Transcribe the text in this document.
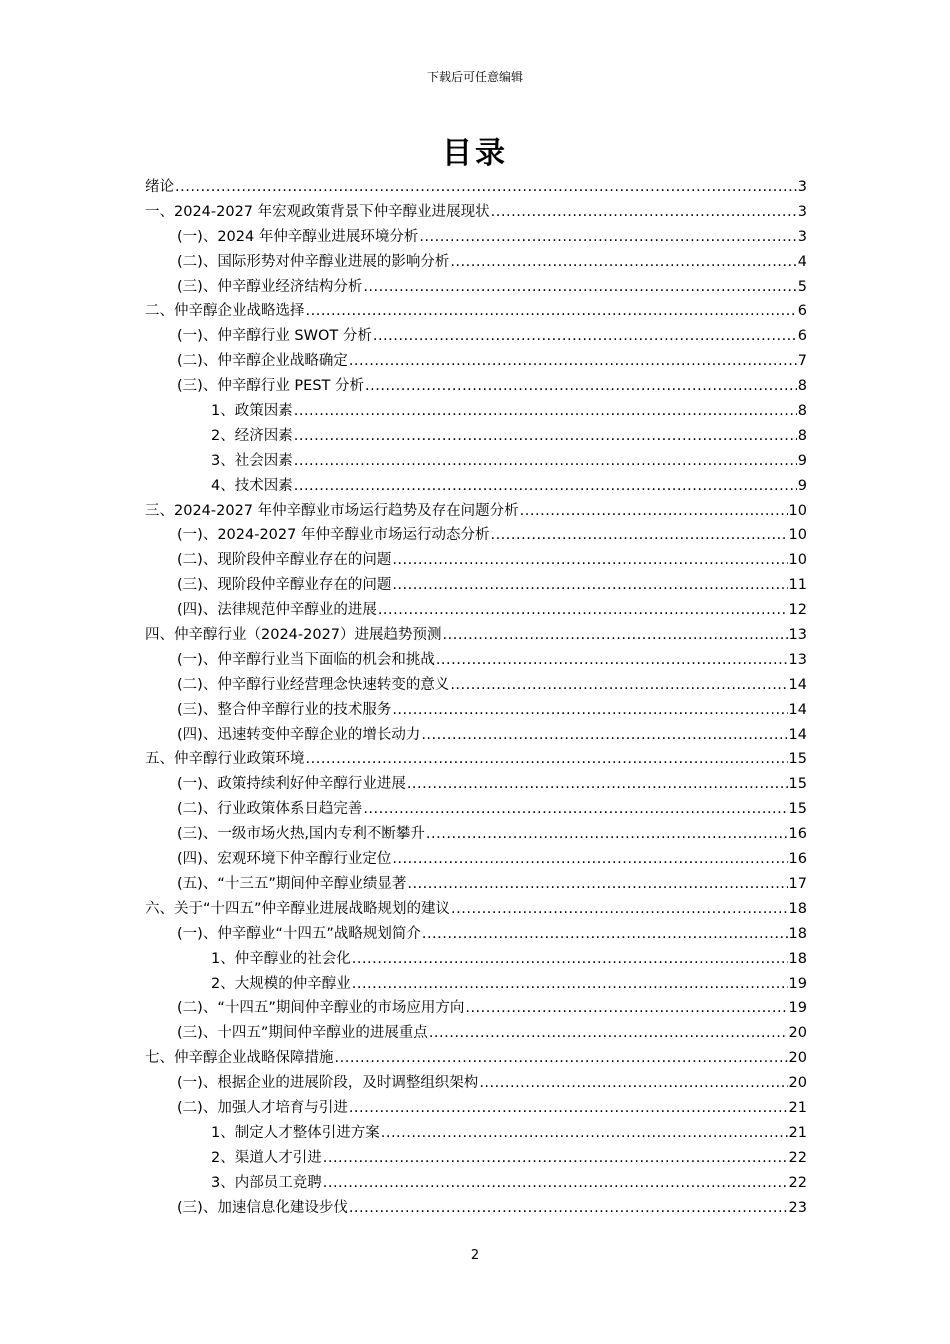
下载后可任意编辑
目录
绪论 .....	3
一、2024-2027 年宏观政策背景下仲辛醇业进展现状 .....	3
(一)、2024 年仲辛醇业进展环境分析 .....	3
(二)、国际形势对仲辛醇业进展的影响分析 .....	4
(三)、仲辛醇业经济结构分析 .....	5
二、仲辛醇企业战略选择 .....	6
(一)、仲辛醇行业 SWOT 分析 .....	6
(二)、仲辛醇企业战略确定 .....	7
(三)、仲辛醇行业 PEST 分析 .....	8
1、政策因素 .....	8
2、经济因素 .....	8
3、社会因素 .....	9
4、技术因素 .....	9
三、2024-2027 年仲辛醇业市场运行趋势及存在问题分析 .....	10
(一)、2024-2027 年仲辛醇业市场运行动态分析 .....	10
(二)、现阶段仲辛醇业存在的问题 .....	10
(三)、现阶段仲辛醇业存在的问题 .....	11
(四)、法律规范仲辛醇业的进展 .....	12
四、仲辛醇行业（2024-2027）进展趋势预测 .....	13
(一)、仲辛醇行业当下面临的机会和挑战 .....	13
(二)、仲辛醇行业经营理念快速转变的意义 .....	14
(三)、整合仲辛醇行业的技术服务 .....	14
(四)、迅速转变仲辛醇企业的增长动力 .....	14
五、仲辛醇行业政策环境 .....	15
(一)、政策持续利好仲辛醇行业进展 .....	15
(二)、行业政策体系日趋完善 .....	15
(三)、一级市场火热,国内专利不断攀升 .....	16
(四)、宏观环境下仲辛醇行业定位 .....	16
(五)、“十三五”期间仲辛醇业绩显著 .....	17
六、关于“十四五”仲辛醇业进展战略规划的建议 .....	18
(一)、仲辛醇业“十四五”战略规划简介 .....	18
1、仲辛醇业的社会化 .....	18
2、大规模的仲辛醇业 .....	19
(二)、“十四五”期间仲辛醇业的市场应用方向 .....	19
(三)、十四五”期间仲辛醇业的进展重点 .....	20
七、仲辛醇企业战略保障措施 .....	20
(一)、根据企业的进展阶段，及时调整组织架构 .....	20
(二)、加强人才培育与引进 .....	21
1、制定人才整体引进方案 .....	21
2、渠道人才引进 .....	22
3、内部员工竞聘 .....	22
(三)、加速信息化建设步伐 .....	23
2
